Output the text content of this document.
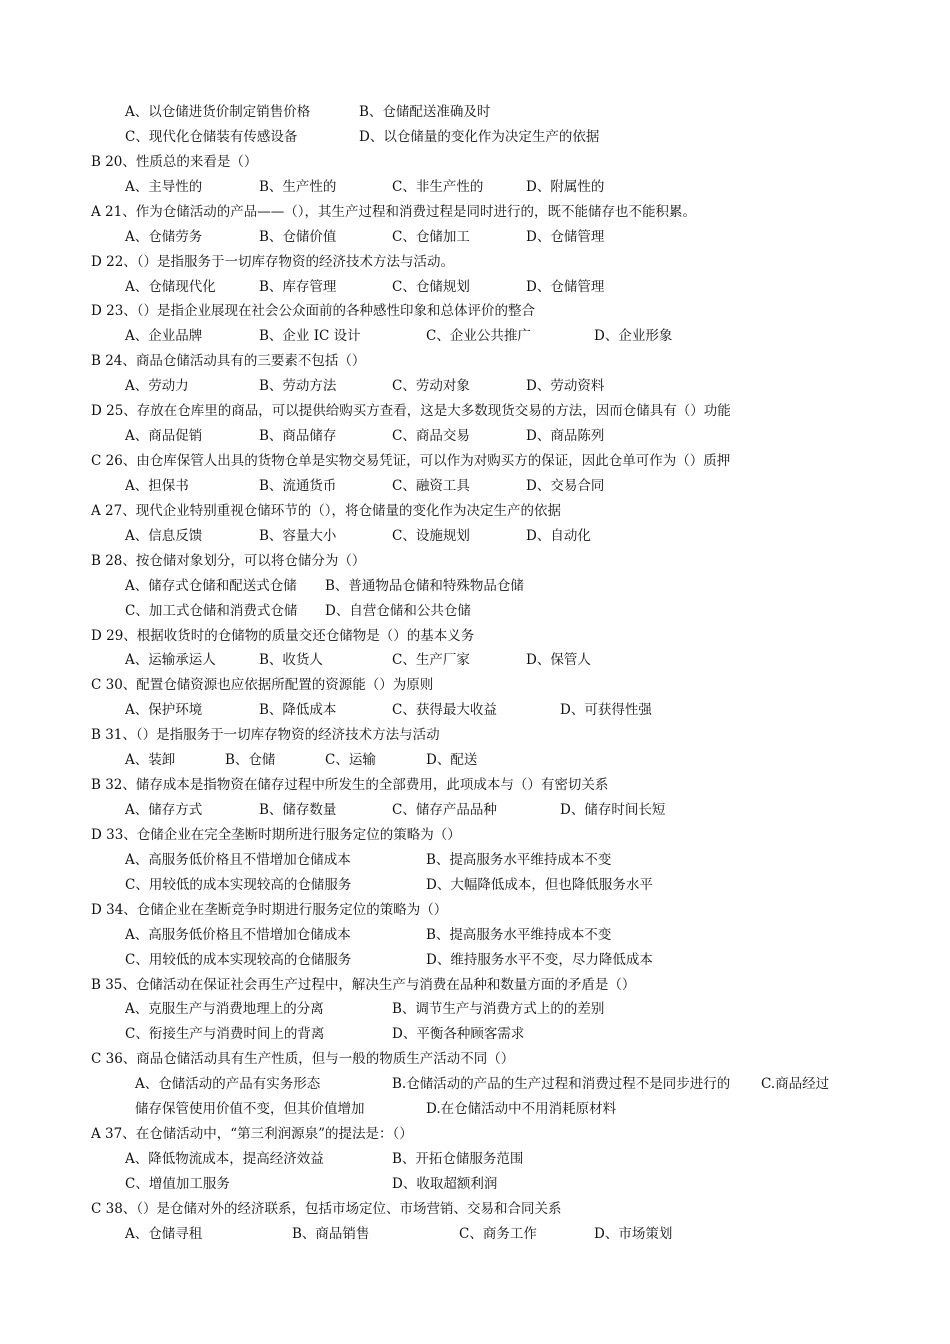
A、以仓储进货价制定销售价格	B、仓储配送准确及时
C、现代化仓储装有传感设备	D、以仓储量的变化作为决定生产的依据
B 20、性质总的来看是（）
A、主导性的	B、生产性的	C、非生产性的	D、附属性的
A 21、作为仓储活动的产品——（），其生产过程和消费过程是同时进行的，既不能储存也不能积累。
A、仓储劳务	B、仓储价值	C、仓储加工	D、仓储管理
D 22、（）是指服务于一切库存物资的经济技术方法与活动。
A、仓储现代化	B、库存管理	C、仓储规划	D、仓储管理
D 23、（）是指企业展现在社会公众面前的各种感性印象和总体评价的整合
A、企业品牌	B、企业 IC 设计	C、企业公共推广	D、企业形象
B 24、商品仓储活动具有的三要素不包括（）
A、劳动力	B、劳动方法	C、劳动对象	D、劳动资料
D 25、存放在仓库里的商品，可以提供给购买方查看，这是大多数现货交易的方法，因而仓储具有（）功能
A、商品促销	B、商品储存	C、商品交易	D、商品陈列
C 26、由仓库保管人出具的货物仓单是实物交易凭证，可以作为对购买方的保证，因此仓单可作为（）质押
A、担保书	B、流通货币	C、融资工具	D、交易合同
A 27、现代企业特别重视仓储环节的（），将仓储量的变化作为决定生产的依据
A、信息反馈	B、容量大小	C、设施规划	D、自动化
B 28、按仓储对象划分，可以将仓储分为（）
A、储存式仓储和配送式仓储 B、普通物品仓储和特殊物品仓储
C、加工式仓储和消费式仓储 D、自营仓储和公共仓储
D 29、根据收货时的仓储物的质量交还仓储物是（）的基本义务
A、运输承运人	B、收货人	C、生产厂家	D、保管人
C 30、配置仓储资源也应依据所配置的资源能（）为原则
A、保护环境	B、降低成本	C、获得最大收益	D、可获得性强
B 31、（）是指服务于一切库存物资的经济技术方法与活动
A、装卸	B、仓储	C、运输	D、配送
B 32、储存成本是指物资在储存过程中所发生的全部费用，此项成本与（）有密切关系
A、储存方式	B、储存数量	C、储存产品品种	D、储存时间长短
D 33、仓储企业在完全垄断时期所进行服务定位的策略为（）
A、高服务低价格且不惜增加仓储成本	B、提高服务水平维持成本不变
C、用较低的成本实现较高的仓储服务	D、大幅降低成本，但也降低服务水平
D 34、仓储企业在垄断竞争时期进行服务定位的策略为（）
A、高服务低价格且不惜增加仓储成本	B、提高服务水平维持成本不变
C、用较低的成本实现较高的仓储服务	D、维持服务水平不变，尽力降低成本
B 35、仓储活动在保证社会再生产过程中，解决生产与消费在品种和数量方面的矛盾是（）
A、克服生产与消费地理上的分离	B、调节生产与消费方式上的的差别
C、衔接生产与消费时间上的背离	D、平衡各种顾客需求
C 36、商品仓储活动具有生产性质，但与一般的物质生产活动不同（）
A、仓储活动的产品有实务形态	B.仓储活动的产品的生产过程和消费过程不是同步进行的 C.商品经过
储存保管使用价值不变，但其价值增加	D.在仓储活动中不用消耗原材料
A 37、在仓储活动中，“第三利润源泉”的提法是：（）
A、降低物流成本，提高经济效益	B、开拓仓储服务范围
C、增值加工服务	D、收取超额利润
C 38、（）是仓储对外的经济联系，包括市场定位、市场营销、交易和合同关系
A、仓储寻租	B、商品销售	C、商务工作	D、市场策划
